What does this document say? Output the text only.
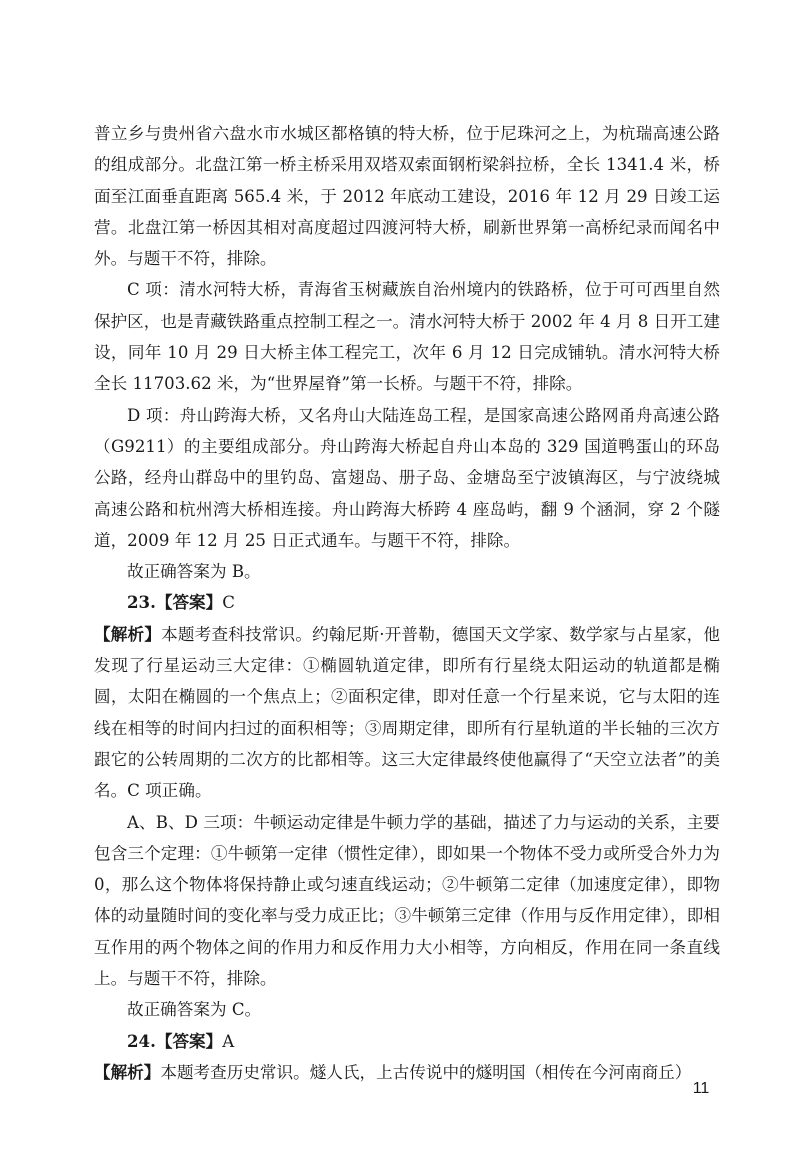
普立乡与贵州省六盘水市水城区都格镇的特大桥，位于尼珠河之上，为杭瑞高速公路的组成部分。北盘江第一桥主桥采用双塔双索面钢桁梁斜拉桥，全长 1341.4 米，桥面至江面垂直距离 565.4 米，于 2012 年底动工建设，2016 年 12 月 29 日竣工运营。北盘江第一桥因其相对高度超过四渡河特大桥，刷新世界第一高桥纪录而闻名中外。与题干不符，排除。

C 项：清水河特大桥，青海省玉树藏族自治州境内的铁路桥，位于可可西里自然保护区，也是青藏铁路重点控制工程之一。清水河特大桥于 2002 年 4 月 8 日开工建设，同年 10 月 29 日大桥主体工程完工，次年 6 月 12 日完成铺轨。清水河特大桥全长 11703.62 米，为“世界屋脊”第一长桥。与题干不符，排除。

D 项：舟山跨海大桥，又名舟山大陆连岛工程，是国家高速公路网甬舟高速公路（G9211）的主要组成部分。舟山跨海大桥起自舟山本岛的 329 国道鸭蛋山的环岛公路，经舟山群岛中的里钓岛、富翅岛、册子岛、金塘岛至宁波镇海区，与宁波绕城高速公路和杭州湾大桥相连接。舟山跨海大桥跨 4 座岛屿，翻 9 个涵洞，穿 2 个隧道，2009 年 12 月 25 日正式通车。与题干不符，排除。

故正确答案为 B。

23.【答案】C

【解析】本题考查科技常识。约翰尼斯·开普勒，德国天文学家、数学家与占星家，他发现了行星运动三大定律：①椭圆轨道定律，即所有行星绕太阳运动的轨道都是椭圆，太阳在椭圆的一个焦点上；②面积定律，即对任意一个行星来说，它与太阳的连线在相等的时间内扫过的面积相等；③周期定律，即所有行星轨道的半长轴的三次方跟它的公转周期的二次方的比都相等。这三大定律最终使他赢得了“天空立法者”的美名。C 项正确。

A、B、D 三项：牛顿运动定律是牛顿力学的基础，描述了力与运动的关系，主要包含三个定理：①牛顿第一定律（惯性定律），即如果一个物体不受力或所受合外力为 0，那么这个物体将保持静止或匀速直线运动；②牛顿第二定律（加速度定律），即物体的动量随时间的变化率与受力成正比；③牛顿第三定律（作用与反作用定律），即相互作用的两个物体之间的作用力和反作用力大小相等，方向相反，作用在同一条直线上。与题干不符，排除。

故正确答案为 C。

24.【答案】A

【解析】本题考查历史常识。燧人氏，上古传说中的燧明国（相传在今河南商丘）

11
